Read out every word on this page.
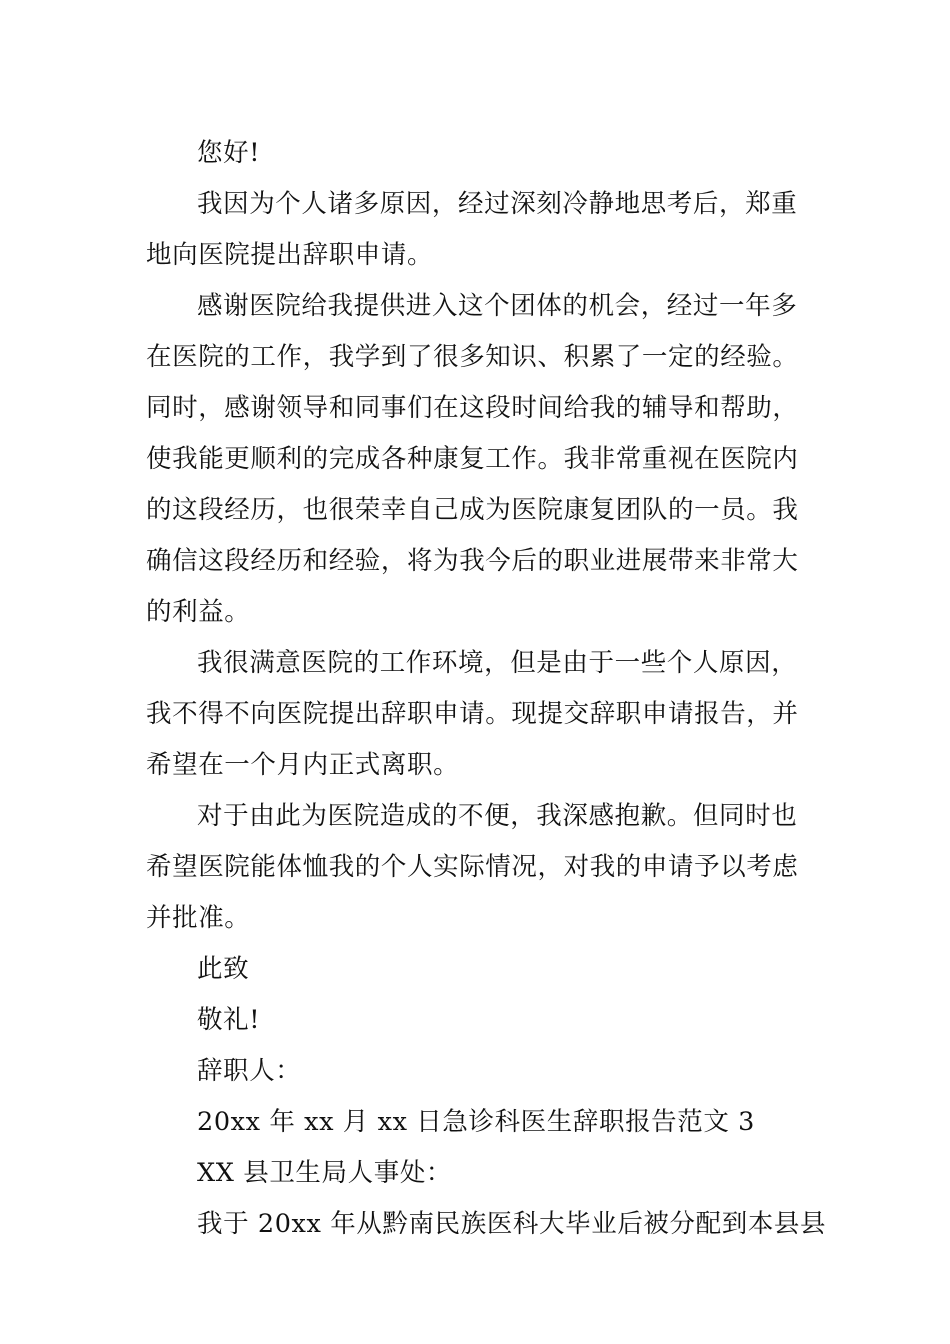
您好!
我因为个人诸多原因，经过深刻冷静地思考后，郑重
地向医院提出辞职申请。
感谢医院给我提供进入这个团体的机会，经过一年多
在医院的工作，我学到了很多知识、积累了一定的经验。
同时，感谢领导和同事们在这段时间给我的辅导和帮助，
使我能更顺利的完成各种康复工作。我非常重视在医院内
的这段经历，也很荣幸自己成为医院康复团队的一员。我
确信这段经历和经验，将为我今后的职业进展带来非常大
的利益。
我很满意医院的工作环境，但是由于一些个人原因，
我不得不向医院提出辞职申请。现提交辞职申请报告，并
希望在一个月内正式离职。
对于由此为医院造成的不便，我深感抱歉。但同时也
希望医院能体恤我的个人实际情况，对我的申请予以考虑
并批准。
此致
敬礼!
辞职人：
20xx 年 xx 月 xx 日急诊科医生辞职报告范文 3
XX 县卫生局人事处：
我于 20xx 年从黔南民族医科大毕业后被分配到本县县
